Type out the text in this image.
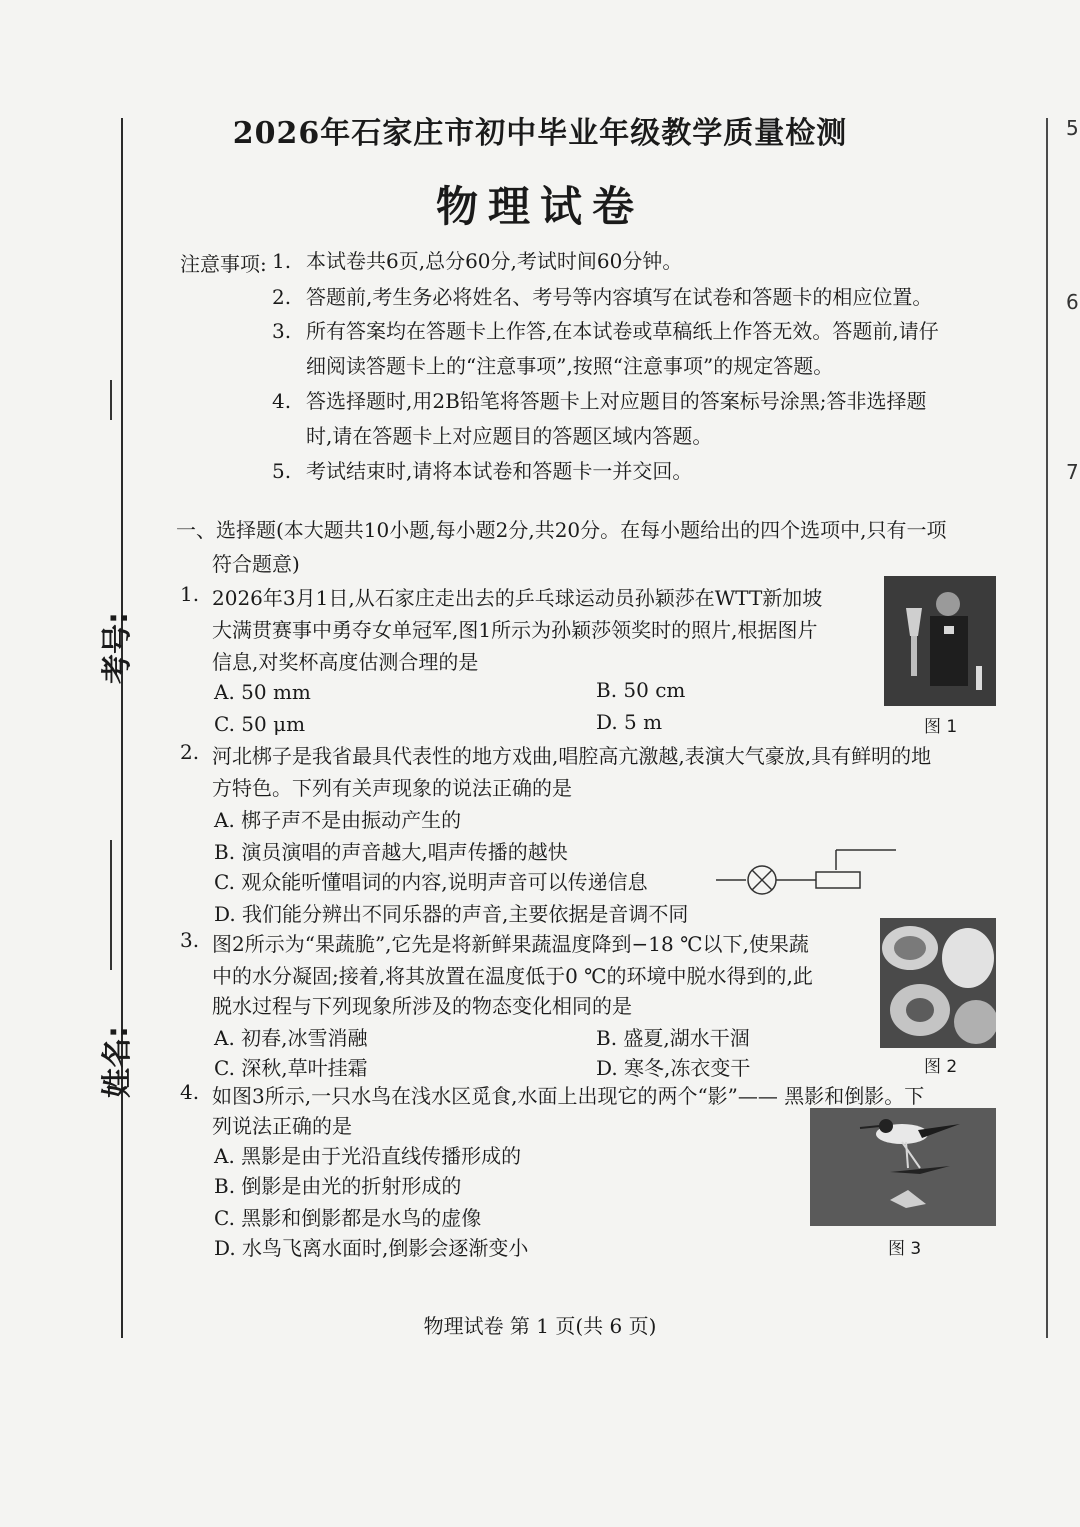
考号:
姓名:
5
6
7
2026年石家庄市初中毕业年级教学质量检测
物理试卷
注意事项: 1. 本试卷共6页,总分60分,考试时间60分钟。
2. 答题前,考生务必将姓名、考号等内容填写在试卷和答题卡的相应位置。
3. 所有答案均在答题卡上作答,在本试卷或草稿纸上作答无效。答题前,请仔
细阅读答题卡上的“注意事项”,按照“注意事项”的规定答题。
4. 答选择题时,用2B铅笔将答题卡上对应题目的答案标号涂黑;答非选择题
时,请在答题卡上对应题目的答题区域内答题。
5. 考试结束时,请将本试卷和答题卡一并交回。
一、选择题(本大题共10小题,每小题2分,共20分。在每小题给出的四个选项中,只有一项
符合题意)
1. 2026年3月1日,从石家庄走出去的乒乓球运动员孙颖莎在WTT新加坡
大满贯赛事中勇夺女单冠军,图1所示为孙颖莎领奖时的照片,根据图片
信息,对奖杯高度估测合理的是
A. 50 mm	B. 50 cm
C. 50 μm	D. 5 m	图 1
2. 河北梆子是我省最具代表性的地方戏曲,唱腔高亢激越,表演大气豪放,具有鲜明的地
方特色。下列有关声现象的说法正确的是
A. 梆子声不是由振动产生的
B. 演员演唱的声音越大,唱声传播的越快
C. 观众能听懂唱词的内容,说明声音可以传递信息
D. 我们能分辨出不同乐器的声音,主要依据是音调不同
3. 图2所示为“果蔬脆”,它先是将新鲜果蔬温度降到−18 ℃以下,使果蔬
中的水分凝固;接着,将其放置在温度低于0 ℃的环境中脱水得到的,此
脱水过程与下列现象所涉及的物态变化相同的是
A. 初春,冰雪消融	B. 盛夏,湖水干涸
C. 深秋,草叶挂霜	D. 寒冬,冻衣变干	图 2
4. 如图3所示,一只水鸟在浅水区觅食,水面上出现它的两个“影”—— 黑影和倒影。下
列说法正确的是
A. 黑影是由于光沿直线传播形成的
B. 倒影是由光的折射形成的
C. 黑影和倒影都是水鸟的虚像
D. 水鸟飞离水面时,倒影会逐渐变小	图 3
物理试卷 第 1 页(共 6 页)
